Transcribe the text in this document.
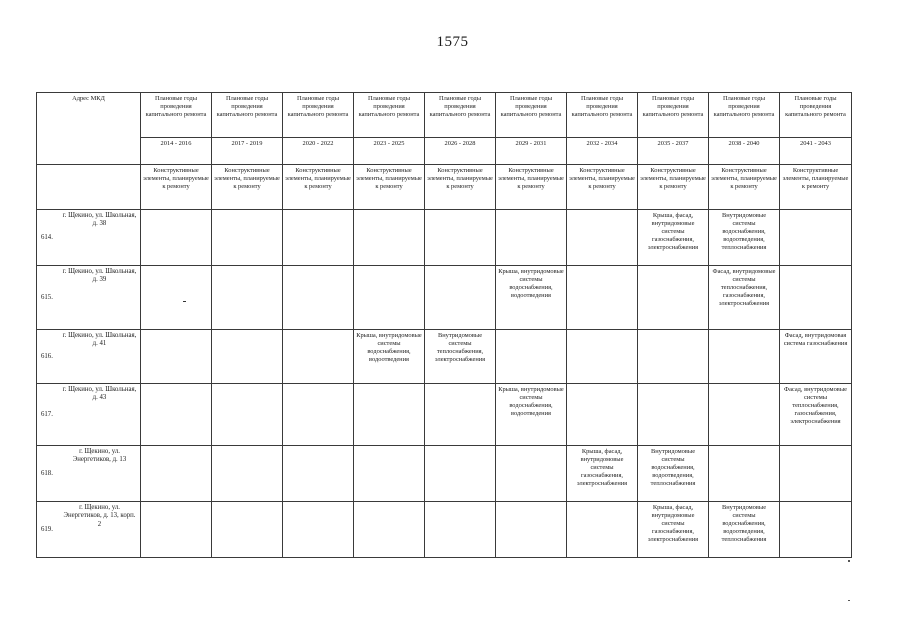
1575
Адрес МКД	Плановые годы проведения капитального ремонта	Плановые годы проведения капитального ремонта	Плановые годы проведения капитального ремонта	Плановые годы проведения капитального ремонта	Плановые годы проведения капитального ремонта	Плановые годы проведения капитального ремонта	Плановые годы проведения капитального ремонта	Плановые годы проведения капитального ремонта	Плановые годы проведения капитального ремонта	Плановые годы проведения капитального ремонта
	2014 - 2016	2017 - 2019	2020 - 2022	2023 - 2025	2026 - 2028	2029 - 2031	2032 - 2034	2035 - 2037	2038 - 2040	2041 - 2043
	Конструктивные элементы, планируемые к ремонту	Конструктивные элементы, планируемые к ремонту	Конструктивные элементы, планируемые к ремонту	Конструктивные элементы, планируемые к ремонту	Конструктивные элементы, планируемые к ремонту	Конструктивные элементы, планируемые к ремонту	Конструктивные элементы, планируемые к ремонту	Конструктивные элементы, планируемые к ремонту	Конструктивные элементы, планируемые к ремонту	Конструктивные элементы, планируемые к ремонту

614.
г. Щекино, ул. Школьная, д. 38								Крыша, фасад, внутридомовые системы газоснабжения, электроснабжения	Внутридомовые системы водоснабжения, водоотведения, теплоснабжения	

615.
г. Щекино, ул. Школьная, д. 39						Крыша, внутридомовые системы водоснабжения, водоотведения			Фасад, внутридомовые системы теплоснабжения, газоснабжения, электроснабжения	

616.
г. Щекино, ул. Школьная, д. 41				Крыша, внутридомовые системы водоснабжения, водоотведения	Внутридомовые системы теплоснабжения, электроснабжения					Фасад, внутридомовая система газоснабжения

617.
г. Щекино, ул. Школьная, д. 43						Крыша, внутридомовые системы водоснабжения, водоотведения				Фасад, внутридомовые системы теплоснабжения, газоснабжения, электроснабжения

618.
г. Щекино, ул. Энергетиков, д. 13							Крыша, фасад, внутридомовые системы газоснабжения, электроснабжения	Внутридомовые системы водоснабжения, водоотведения, теплоснабжения		

619.
г. Щекино, ул. Энергетиков, д. 13, корп. 2								Крыша, фасад, внутридомовые системы газоснабжения, электроснабжения	Внутридомовые системы водоснабжения, водоотведения, теплоснабжения	
